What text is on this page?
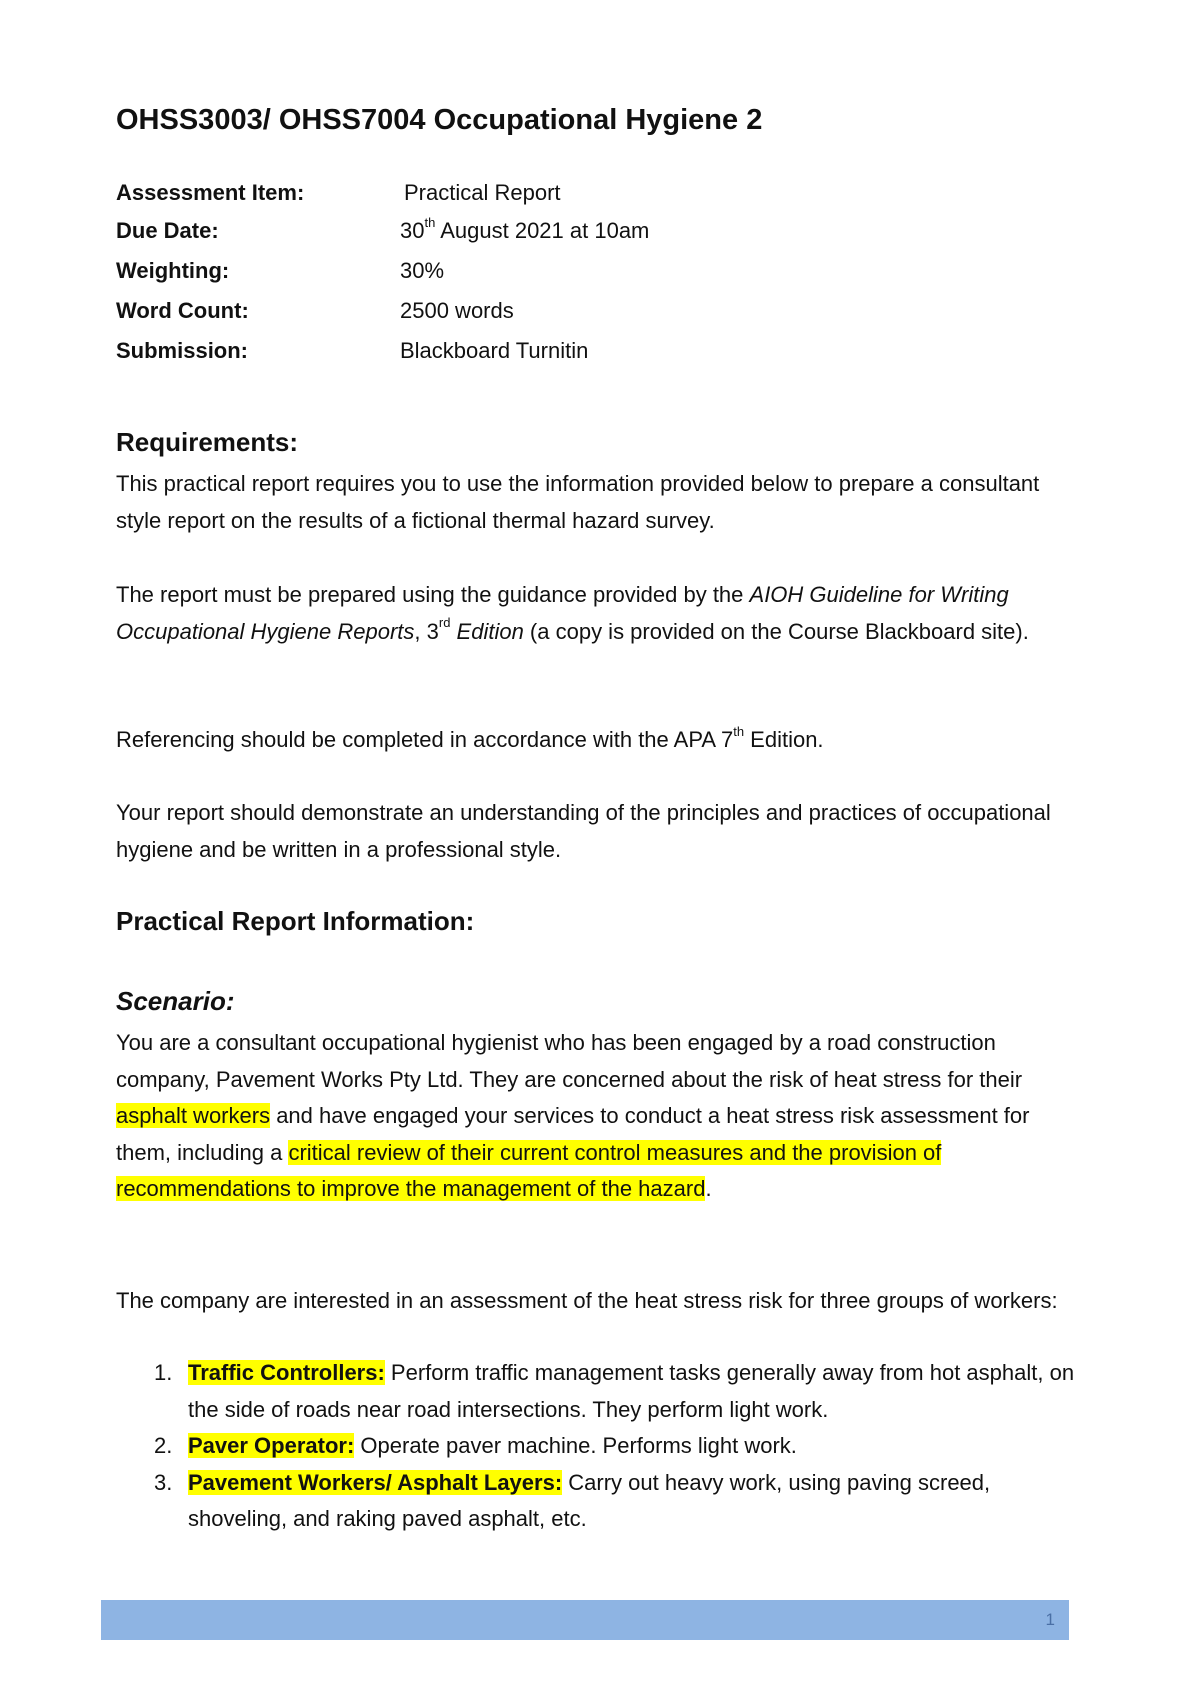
OHSS3003/ OHSS7004 Occupational Hygiene 2
Assessment Item:	Practical Report
Due Date:	30th August 2021 at 10am
Weighting:	30%
Word Count:	2500 words
Submission:	Blackboard Turnitin
Requirements:

This practical report requires you to use the information provided below to prepare a consultant style report on the results of a fictional thermal hazard survey.

The report must be prepared using the guidance provided by the AIOH Guideline for Writing Occupational Hygiene Reports, 3rd Edition (a copy is provided on the Course Blackboard site).

Referencing should be completed in accordance with the APA 7th Edition.

Your report should demonstrate an understanding of the principles and practices of occupational hygiene and be written in a professional style.

Practical Report Information:
Scenario:

You are a consultant occupational hygienist who has been engaged by a road construction company, Pavement Works Pty Ltd. They are concerned about the risk of heat stress for their asphalt workers and have engaged your services to conduct a heat stress risk assessment for them, including a critical review of their current control measures and the provision of recommendations to improve the management of the hazard.

The company are interested in an assessment of the heat stress risk for three groups of workers:

1. Traffic Controllers: Perform traffic management tasks generally away from hot asphalt, on the side of roads near road intersections. They perform light work.
2. Paver Operator: Operate paver machine. Performs light work.
3. Pavement Workers/ Asphalt Layers: Carry out heavy work, using paving screed, shoveling, and raking paved asphalt, etc.
1
